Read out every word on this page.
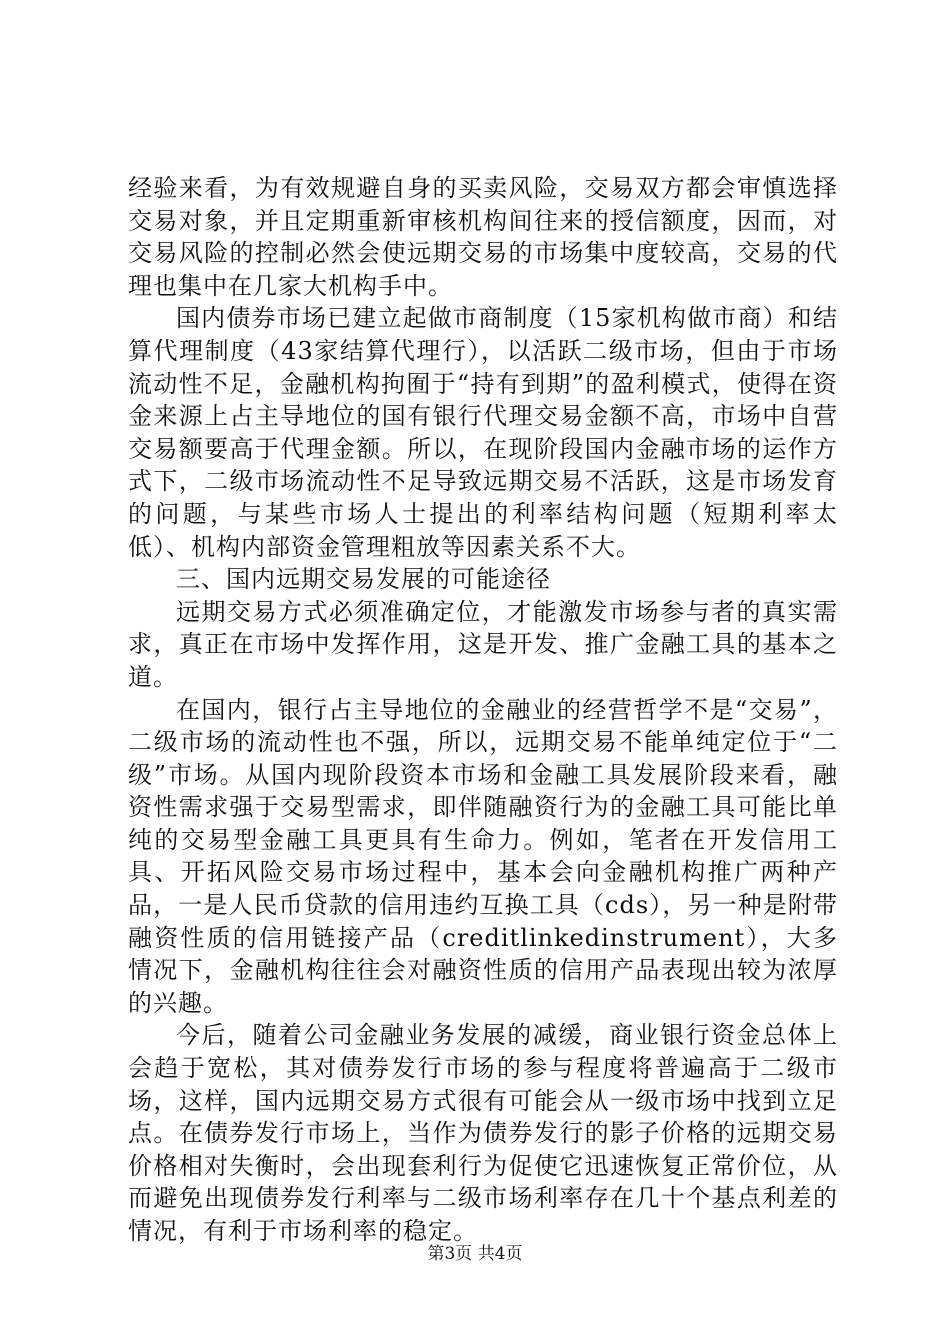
经验来看，为有效规避自身的买卖风险，交易双方都会审慎选择交易对象，并且定期重新审核机构间往来的授信额度，因而，对交易风险的控制必然会使远期交易的市场集中度较高，交易的代理也集中在几家大机构手中。

国内债券市场已建立起做市商制度（15家机构做市商）和结算代理制度（43家结算代理行），以活跃二级市场，但由于市场流动性不足，金融机构拘囿于“持有到期”的盈利模式，使得在资金来源上占主导地位的国有银行代理交易金额不高，市场中自营交易额要高于代理金额。所以，在现阶段国内金融市场的运作方式下，二级市场流动性不足导致远期交易不活跃，这是市场发育的问题，与某些市场人士提出的利率结构问题（短期利率太低）、机构内部资金管理粗放等因素关系不大。

三、国内远期交易发展的可能途径

远期交易方式必须准确定位，才能激发市场参与者的真实需求，真正在市场中发挥作用，这是开发、推广金融工具的基本之道。

在国内，银行占主导地位的金融业的经营哲学不是“交易”，二级市场的流动性也不强，所以，远期交易不能单纯定位于“二级”市场。从国内现阶段资本市场和金融工具发展阶段来看，融资性需求强于交易型需求，即伴随融资行为的金融工具可能比单纯的交易型金融工具更具有生命力。例如，笔者在开发信用工具、开拓风险交易市场过程中，基本会向金融机构推广两种产品，一是人民币贷款的信用违约互换工具（cds），另一种是附带融资性质的信用链接产品（creditlinkedinstrument），大多情况下，金融机构往往会对融资性质的信用产品表现出较为浓厚的兴趣。

今后，随着公司金融业务发展的减缓，商业银行资金总体上会趋于宽松，其对债券发行市场的参与程度将普遍高于二级市场，这样，国内远期交易方式很有可能会从一级市场中找到立足点。在债券发行市场上，当作为债券发行的影子价格的远期交易价格相对失衡时，会出现套利行为促使它迅速恢复正常价位，从而避免出现债券发行利率与二级市场利率存在几十个基点利差的情况，有利于市场利率的稳定。

第3页 共4页
